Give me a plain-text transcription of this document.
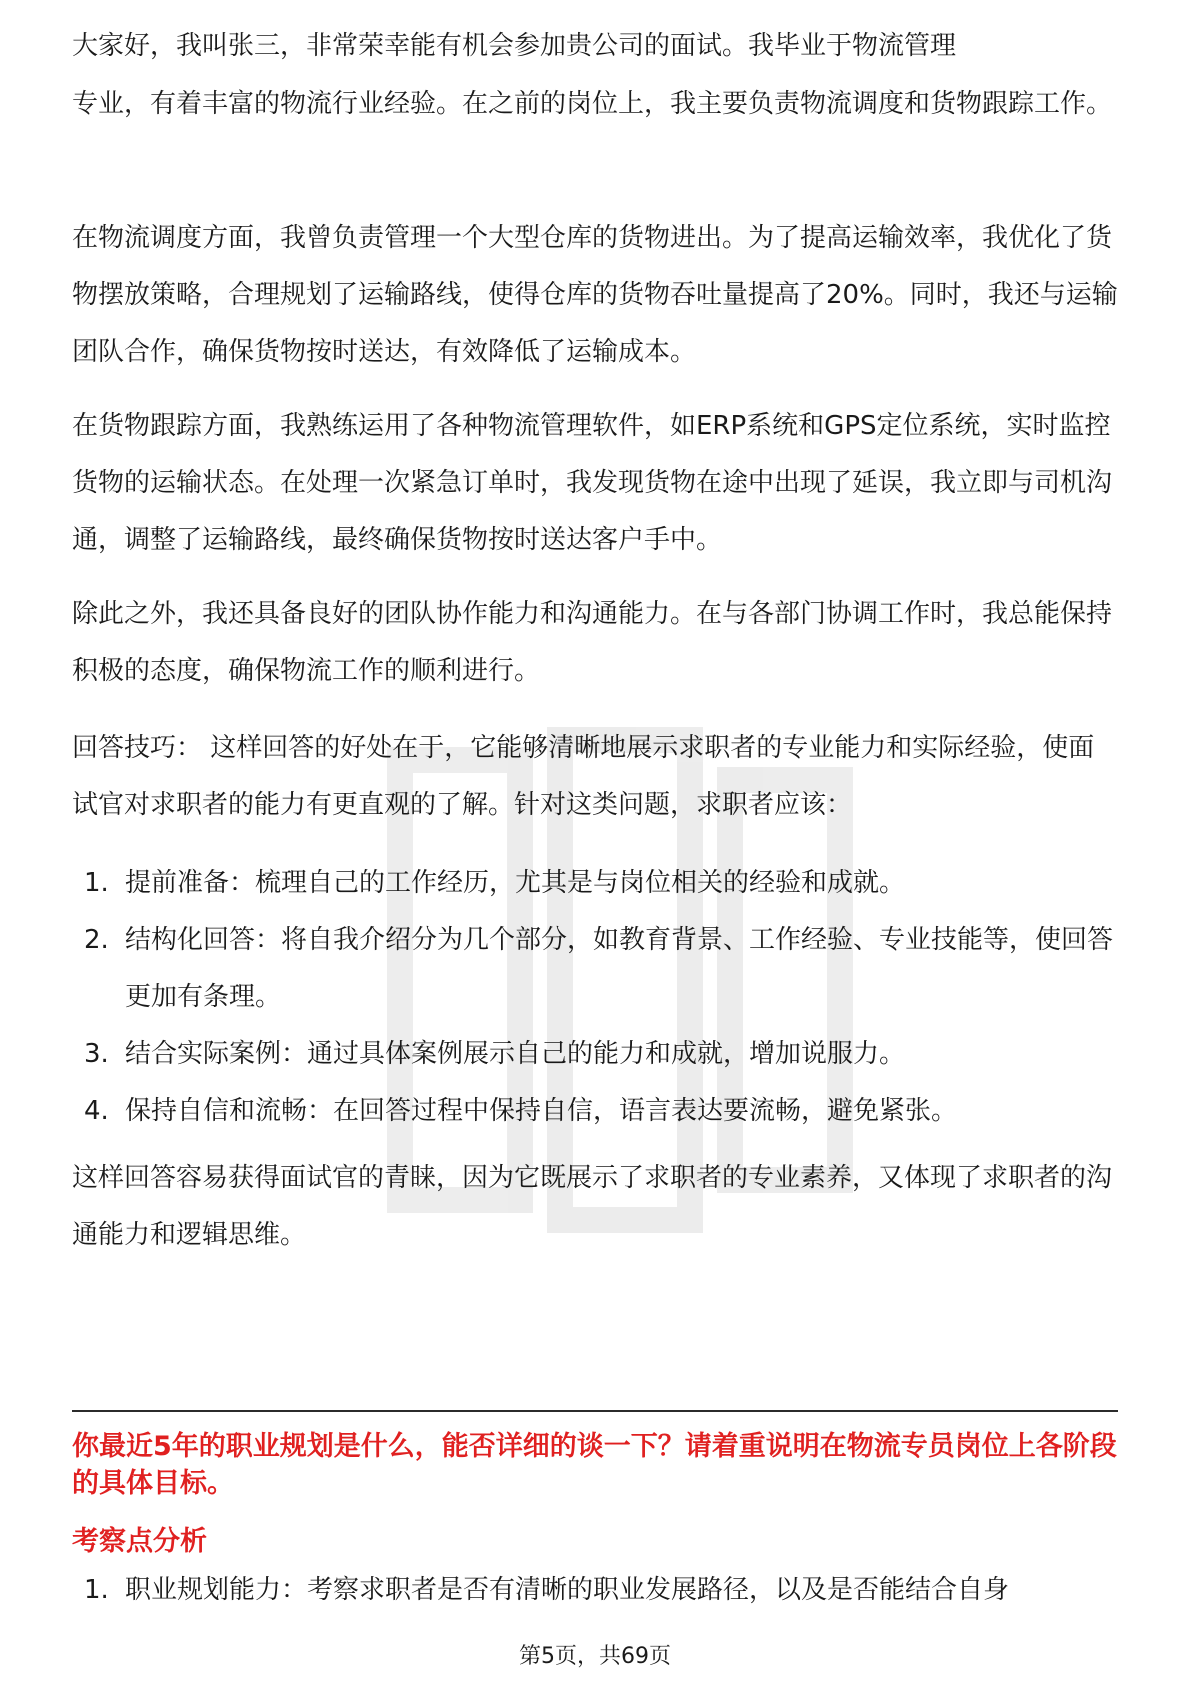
大家好，我叫张三，非常荣幸能有机会参加贵公司的面试。我毕业于物流管理

专业，有着丰富的物流行业经验。在之前的岗位上，我主要负责物流调度和货物跟踪工作。

在物流调度方面，我曾负责管理一个大型仓库的货物进出。为了提高运输效率，我优化了货物摆放策略，合理规划了运输路线，使得仓库的货物吞吐量提高了20%。同时，我还与运输团队合作，确保货物按时送达，有效降低了运输成本。

在货物跟踪方面，我熟练运用了各种物流管理软件，如ERP系统和GPS定位系统，实时监控货物的运输状态。在处理一次紧急订单时，我发现货物在途中出现了延误，我立即与司机沟通，调整了运输路线，最终确保货物按时送达客户手中。

除此之外，我还具备良好的团队协作能力和沟通能力。在与各部门协调工作时，我总能保持积极的态度，确保物流工作的顺利进行。

回答技巧： 这样回答的好处在于，它能够清晰地展示求职者的专业能力和实际经验，使面试官对求职者的能力有更直观的了解。针对这类问题，求职者应该：

1. 提前准备：梳理自己的工作经历，尤其是与岗位相关的经验和成就。
2. 结构化回答：将自我介绍分为几个部分，如教育背景、工作经验、专业技能等，使回答更加有条理。
3. 结合实际案例：通过具体案例展示自己的能力和成就，增加说服力。
4. 保持自信和流畅：在回答过程中保持自信，语言表达要流畅，避免紧张。

这样回答容易获得面试官的青睐，因为它既展示了求职者的专业素养，又体现了求职者的沟通能力和逻辑思维。

你最近5年的职业规划是什么，能否详细的谈一下？请着重说明在物流专员岗位上各阶段的具体目标。

考察点分析

1. 职业规划能力：考察求职者是否有清晰的职业发展路径，以及是否能结合自身
第5页，共69页
